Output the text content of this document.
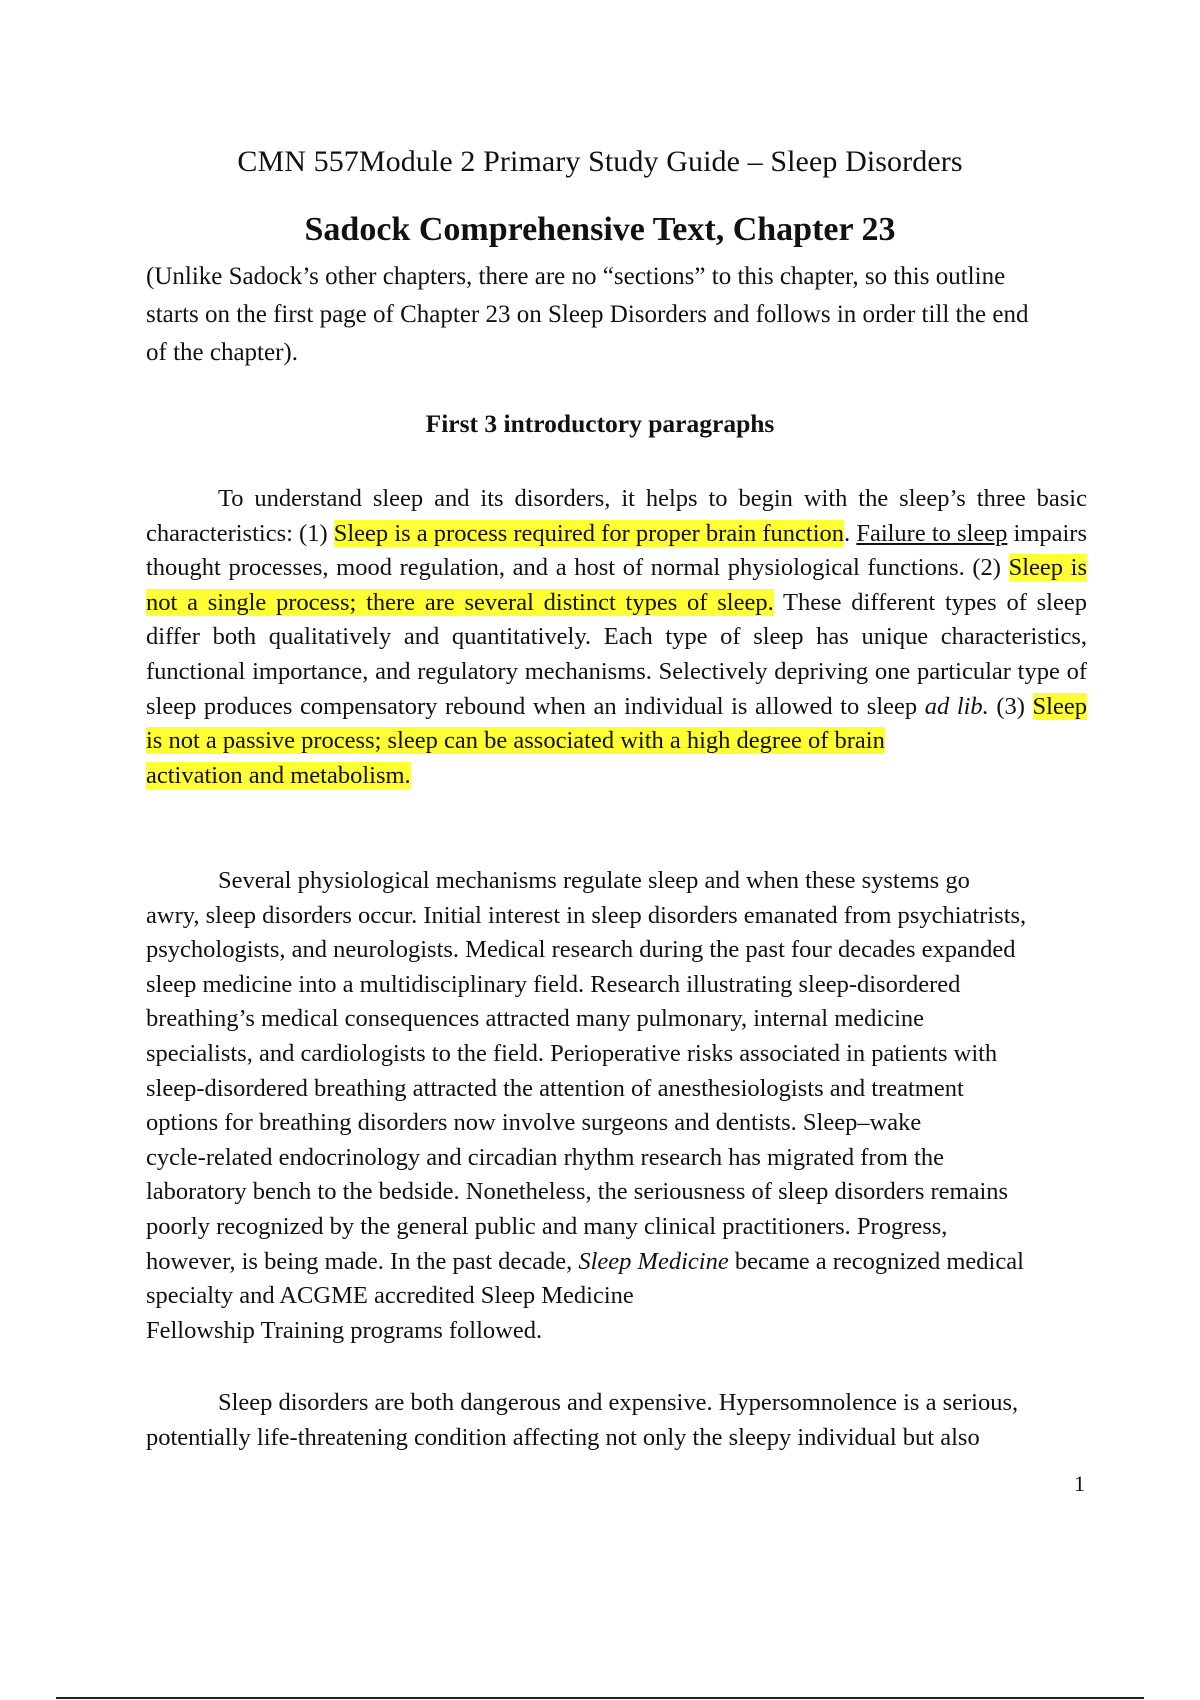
CMN 557Module 2 Primary Study Guide – Sleep Disorders
Sadock Comprehensive Text, Chapter 23
(Unlike Sadock’s other chapters, there are no “sections” to this chapter, so this outline starts on the first page of Chapter 23 on Sleep Disorders and follows in order till the end of the chapter).
First 3 introductory paragraphs
To understand sleep and its disorders, it helps to begin with the sleep’s three basic characteristics: (1) Sleep is a process required for proper brain function. Failure to sleep impairs thought processes, mood regulation, and a host of normal physiological functions. (2) Sleep is not a single process; there are several distinct types of sleep. These different types of sleep differ both qualitatively and quantitatively. Each type of sleep has unique characteristics, functional importance, and regulatory mechanisms. Selectively depriving one particular type of sleep produces compensatory rebound when an individual is allowed to sleep ad lib. (3) Sleep is not a passive process; sleep can be associated with a high degree of brain
activation and metabolism.
Several physiological mechanisms regulate sleep and when these systems go
awry, sleep disorders occur. Initial interest in sleep disorders emanated from psychiatrists,
psychologists, and neurologists. Medical research during the past four decades expanded
sleep medicine into a multidisciplinary field. Research illustrating sleep-disordered
breathing’s medical consequences attracted many pulmonary, internal medicine
specialists, and cardiologists to the field. Perioperative risks associated in patients with
sleep-disordered breathing attracted the attention of anesthesiologists and treatment
options for breathing disorders now involve surgeons and dentists. Sleep–wake
cycle-related endocrinology and circadian rhythm research has migrated from the
laboratory bench to the bedside. Nonetheless, the seriousness of sleep disorders remains
poorly recognized by the general public and many clinical practitioners. Progress,
however, is being made. In the past decade, Sleep Medicine became a recognized medical
specialty and ACGME accredited Sleep Medicine
Fellowship Training programs followed.
Sleep disorders are both dangerous and expensive. Hypersomnolence is a serious,
potentially life-threatening condition affecting not only the sleepy individual but also
1
